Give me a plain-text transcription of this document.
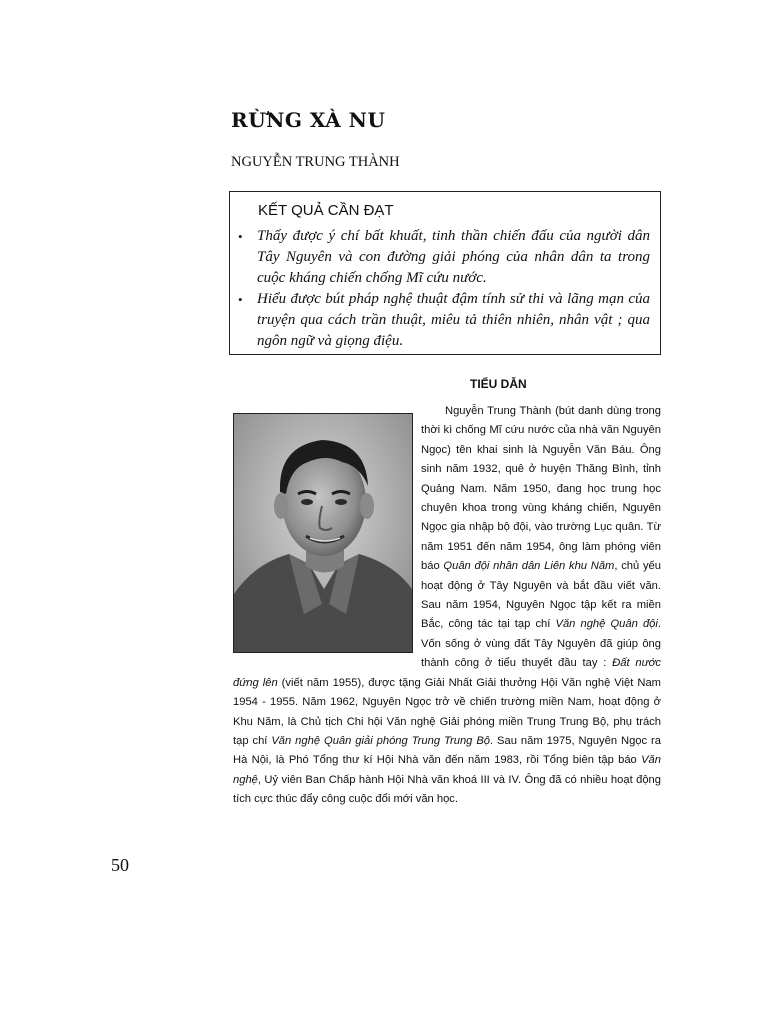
RỪNG XÀ NU
NGUYỄN TRUNG THÀNH
KẾT QUẢ CẦN ĐẠT
• Thấy được ý chí bất khuất, tinh thần chiến đấu của người dân Tây Nguyên và con đường giải phóng của nhân dân ta trong cuộc kháng chiến chống Mĩ cứu nước.
• Hiểu được bút pháp nghệ thuật đậm tính sử thi và lãng mạn của truyện qua cách trần thuật, miêu tả thiên nhiên, nhân vật ; qua ngôn ngữ và giọng điệu.
TIỂU DẪN

Nguyễn Trung Thành (bút danh dùng trong thời kì chống Mĩ cứu nước của nhà văn Nguyên Ngọc) tên khai sinh là Nguyễn Văn Báu. Ông sinh năm 1932, quê ở huyện Thăng Bình, tỉnh Quảng Nam. Năm 1950, đang học trung học chuyên khoa trong vùng kháng chiến, Nguyên Ngọc gia nhập bộ đội, vào trường Lục quân. Từ năm 1951 đến năm 1954, ông làm phóng viên báo Quân đội nhân dân Liên khu Năm, chủ yếu hoạt động ở Tây Nguyên và bắt đầu viết văn. Sau năm 1954, Nguyên Ngọc tập kết ra miền Bắc, công tác tại tạp chí Văn nghệ Quân đội. Vốn sống ở vùng đất Tây Nguyên đã giúp ông thành công ở tiểu thuyết đầu tay : Đất nước đứng lên (viết năm 1955), được tặng Giải Nhất Giải thưởng Hội Văn nghệ Việt Nam 1954 - 1955. Năm 1962, Nguyên Ngọc trở về chiến trường miền Nam, hoạt động ở Khu Năm, là Chủ tịch Chi hội Văn nghệ Giải phóng miền Trung Trung Bộ, phụ trách tạp chí Văn nghệ Quân giải phóng Trung Trung Bộ. Sau năm 1975, Nguyên Ngọc ra Hà Nội, là Phó Tổng thư kí Hội Nhà văn đến năm 1983, rồi Tổng biên tập báo Văn nghệ, Uỷ viên Ban Chấp hành Hội Nhà văn khoá III và IV. Ông đã có nhiều hoạt động tích cực thúc đẩy công cuộc đổi mới văn học.

50
